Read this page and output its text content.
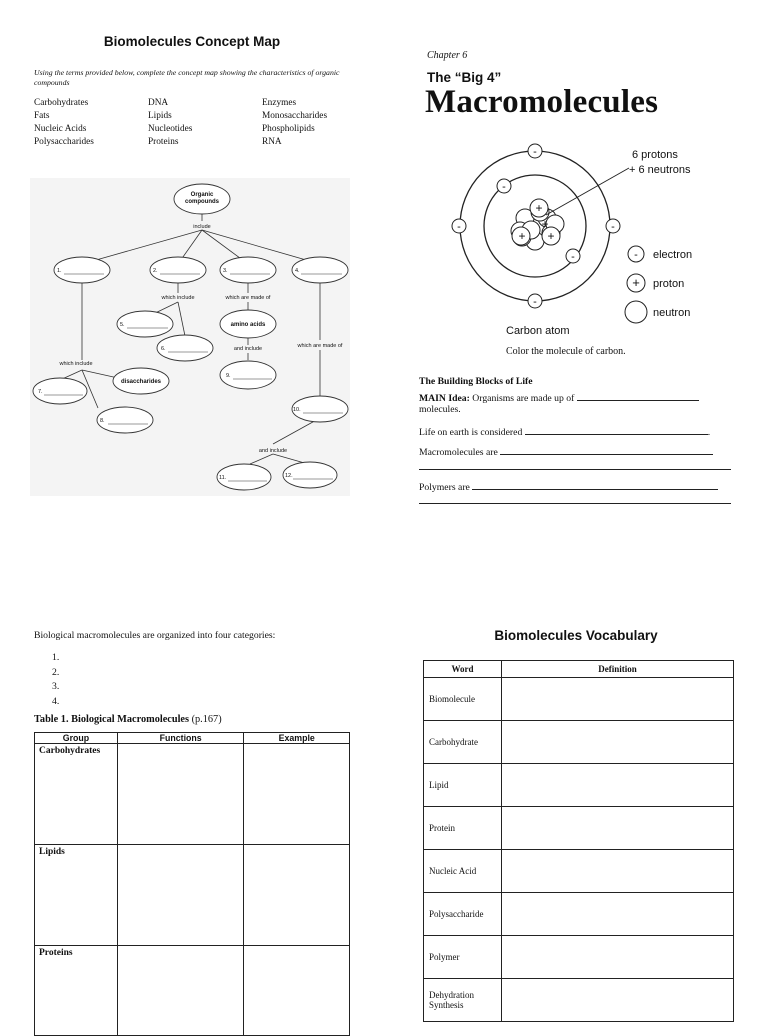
Biomolecules Concept Map
Using the terms provided below, complete the concept map showing the characteristics of organic compounds
Carbohydrates	DNA	Enzymes
Fats	Lipids	Monosaccharides
Nucleic Acids	Nucleotides	Phospholipids
Polysaccharides	Proteins	RNA
Organic
compounds
include
1.	2.	3.	4.
which include	which are made of
5.
6.
amino acids
and include
9.
which are made of
which include
disaccharides
7.
8.
10.
and include
11.	12.
Chapter 6
The “Big 4”
Macromolecules
-
-
-	-
-
-
+
+
+ +
6 protons
+ 6 neutrons
Carbon atom
-
+
electron
proton
neutron
Color the molecule of carbon.
The Building Blocks of Life
MAIN Idea: Organisms are made up of
molecules.
Life on earth is considered	.
Macromolecules are
Polymers are
Biological macromolecules are organized into four categories:
1.
2.
3.
4.
Table 1. Biological Macromolecules (p.167)
Group	Functions	Example
Carbohydrates		
Lipids		
Proteins		
Biomolecules Vocabulary
Word	Definition
Biomolecule	
Carbohydrate	
Lipid	
Protein	
Nucleic Acid	
Polysaccharide	
Polymer	
Dehydration Synthesis	
